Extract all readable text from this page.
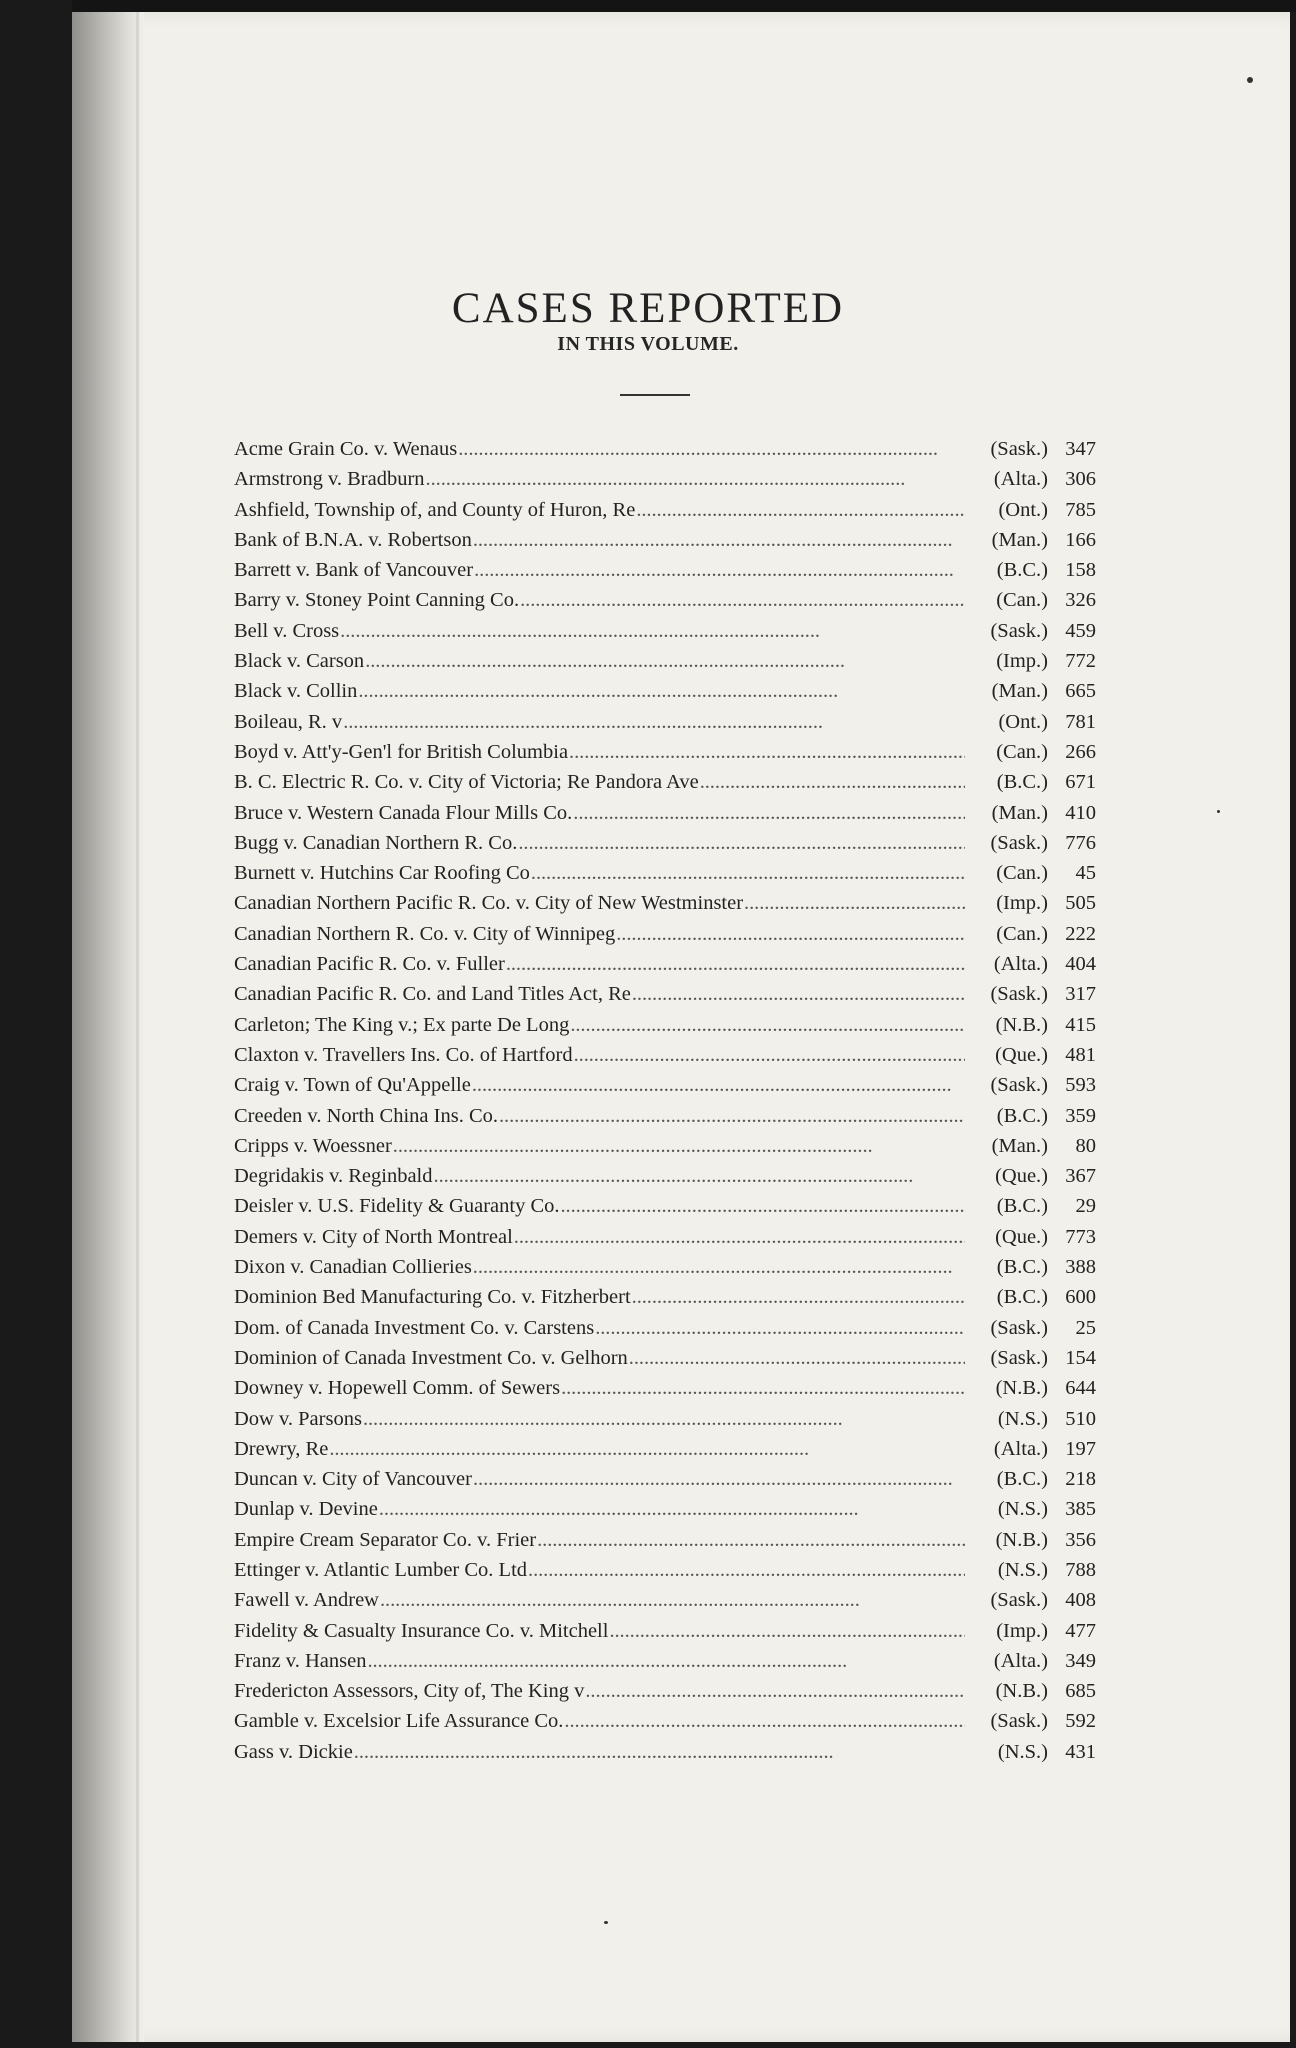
CASES REPORTED
IN THIS VOLUME.
Acme Grain Co. v. Wenaus . . .	(Sask.) 347
Armstrong v. Bradburn . . .	(Alta.) 306
Ashfield, Township of, and County of Huron, Re . . .	(Ont.) 785
Bank of B.N.A. v. Robertson . . .	(Man.) 166
Barrett v. Bank of Vancouver . . .	(B.C.) 158
Barry v. Stoney Point Canning Co. . . .	(Can.) 326
Bell v. Cross . . .	(Sask.) 459
Black v. Carson . . .	(Imp.) 772
Black v. Collin . . .	(Man.) 665
Boileau, R. v . . .	(Ont.) 781
Boyd v. Att'y-Gen'l for British Columbia . . .	(Can.) 266
B. C. Electric R. Co. v. City of Victoria; Re Pandora Ave . . .	(B.C.) 671
Bruce v. Western Canada Flour Mills Co. . . .	(Man.) 410
Bugg v. Canadian Northern R. Co. . . .	(Sask.) 776
Burnett v. Hutchins Car Roofing Co . . .	(Can.)	45
Canadian Northern Pacific R. Co. v. City of New Westminster . . .	(Imp.) 505
Canadian Northern R. Co. v. City of Winnipeg . . .	(Can.) 222
Canadian Pacific R. Co. v. Fuller . . .	(Alta.) 404
Canadian Pacific R. Co. and Land Titles Act, Re . . .	(Sask.) 317
Carleton; The King v.; Ex parte De Long . . .	(N.B.) 415
Claxton v. Travellers Ins. Co. of Hartford . . .	(Que.) 481
Craig v. Town of Qu'Appelle . . .	(Sask.) 593
Creeden v. North China Ins. Co. . . .	(B.C.) 359
Cripps v. Woessner . . .	(Man.)	80
Degridakis v. Reginbald . . .	(Que.) 367
Deisler v. U.S. Fidelity & Guaranty Co. . . .	(B.C.)	29
Demers v. City of North Montreal . . .	(Que.) 773
Dixon v. Canadian Collieries . . .	(B.C.) 388
Dominion Bed Manufacturing Co. v. Fitzherbert . . .	(B.C.) 600
Dom. of Canada Investment Co. v. Carstens . . .	(Sask.)	25
Dominion of Canada Investment Co. v. Gelhorn . . .	(Sask.) 154
Downey v. Hopewell Comm. of Sewers . . .	(N.B.) 644
Dow v. Parsons . . .	(N.S.) 510
Drewry, Re . . .	(Alta.) 197
Duncan v. City of Vancouver . . .	(B.C.) 218
Dunlap v. Devine . . .	(N.S.) 385
Empire Cream Separator Co. v. Frier . . .	(N.B.) 356
Ettinger v. Atlantic Lumber Co. Ltd . . .	(N.S.) 788
Fawell v. Andrew . . .	(Sask.) 408
Fidelity & Casualty Insurance Co. v. Mitchell . . .	(Imp.) 477
Franz v. Hansen . . .	(Alta.) 349
Fredericton Assessors, City of, The King v . . .	(N.B.) 685
Gamble v. Excelsior Life Assurance Co. . . .	(Sask.) 592
Gass v. Dickie . . .	(N.S.) 431
